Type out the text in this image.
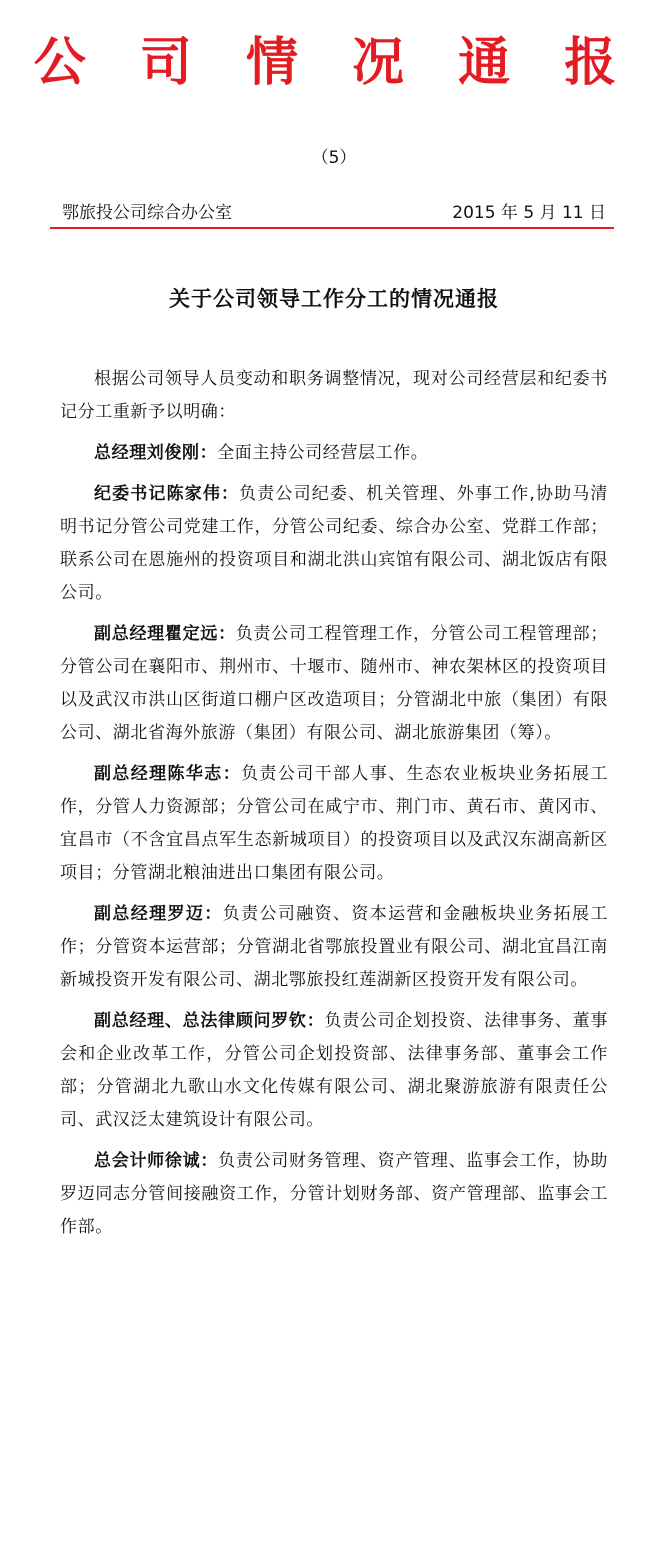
公 司 情 况 通 报
（5）
鄂旅投公司综合办公室	2015 年 5 月 11 日
关于公司领导工作分工的情况通报

根据公司领导人员变动和职务调整情况，现对公司经营层和纪委书记分工重新予以明确：

总经理刘俊刚：全面主持公司经营层工作。

纪委书记陈家伟：负责公司纪委、机关管理、外事工作,协助马清明书记分管公司党建工作，分管公司纪委、综合办公室、党群工作部；联系公司在恩施州的投资项目和湖北洪山宾馆有限公司、湖北饭店有限公司。

副总经理瞿定远：负责公司工程管理工作，分管公司工程管理部；分管公司在襄阳市、荆州市、十堰市、随州市、神农架林区的投资项目以及武汉市洪山区街道口棚户区改造项目；分管湖北中旅（集团）有限公司、湖北省海外旅游（集团）有限公司、湖北旅游集团（筹）。

副总经理陈华志：负责公司干部人事、生态农业板块业务拓展工作，分管人力资源部；分管公司在咸宁市、荆门市、黄石市、黄冈市、宜昌市（不含宜昌点军生态新城项目）的投资项目以及武汉东湖高新区项目；分管湖北粮油进出口集团有限公司。

副总经理罗迈：负责公司融资、资本运营和金融板块业务拓展工作；分管资本运营部；分管湖北省鄂旅投置业有限公司、湖北宜昌江南新城投资开发有限公司、湖北鄂旅投红莲湖新区投资开发有限公司。

副总经理、总法律顾问罗钦：负责公司企划投资、法律事务、董事会和企业改革工作，分管公司企划投资部、法律事务部、董事会工作部；分管湖北九歌山水文化传媒有限公司、湖北聚游旅游有限责任公司、武汉泛太建筑设计有限公司。

总会计师徐诚：负责公司财务管理、资产管理、监事会工作，协助罗迈同志分管间接融资工作，分管计划财务部、资产管理部、监事会工作部。
